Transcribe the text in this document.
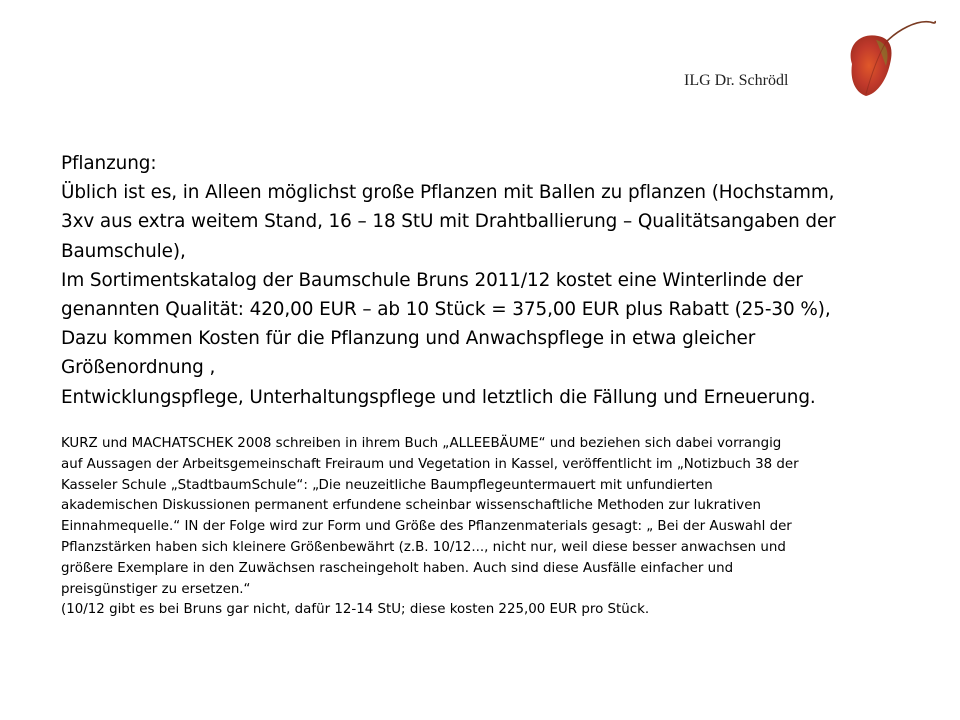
ILG Dr. Schrödl

Pflanzung:

Üblich ist es, in Alleen möglichst große Pflanzen mit Ballen zu pflanzen (Hochstamm,

3xv aus extra weitem Stand, 16 – 18 StU mit Drahtballierung – Qualitätsangaben der

Baumschule),

Im Sortimentskatalog der Baumschule Bruns 2011/12 kostet eine Winterlinde der

genannten Qualität: 420,00 EUR – ab 10 Stück = 375,00 EUR plus Rabatt (25-30 %),

Dazu kommen Kosten für die Pflanzung und Anwachspflege in etwa gleicher

Größenordnung ,

Entwicklungspflege, Unterhaltungspflege und letztlich die Fällung und Erneuerung.

KURZ und MACHATSCHEK 2008 schreiben in ihrem Buch „ALLEEBÄUME“ und beziehen sich dabei vorrangig

auf Aussagen der Arbeitsgemeinschaft Freiraum und Vegetation in Kassel, veröffentlicht im „Notizbuch 38 der

Kasseler Schule „StadtbaumSchule“: „Die neuzeitliche Baumpflegeuntermauert mit unfundierten

akademischen Diskussionen permanent erfundene scheinbar wissenschaftliche Methoden zur lukrativen

Einnahmequelle.“ IN der Folge wird zur Form und Größe des Pflanzenmaterials gesagt: „ Bei der Auswahl der

Pflanzstärken haben sich kleinere Größenbewährt (z.B. 10/12..., nicht nur, weil diese besser anwachsen und

größere Exemplare in den Zuwächsen rascheingeholt haben. Auch sind diese Ausfälle einfacher und

preisgünstiger zu ersetzen.“

(10/12 gibt es bei Bruns gar nicht, dafür 12-14 StU; diese kosten 225,00 EUR pro Stück.
